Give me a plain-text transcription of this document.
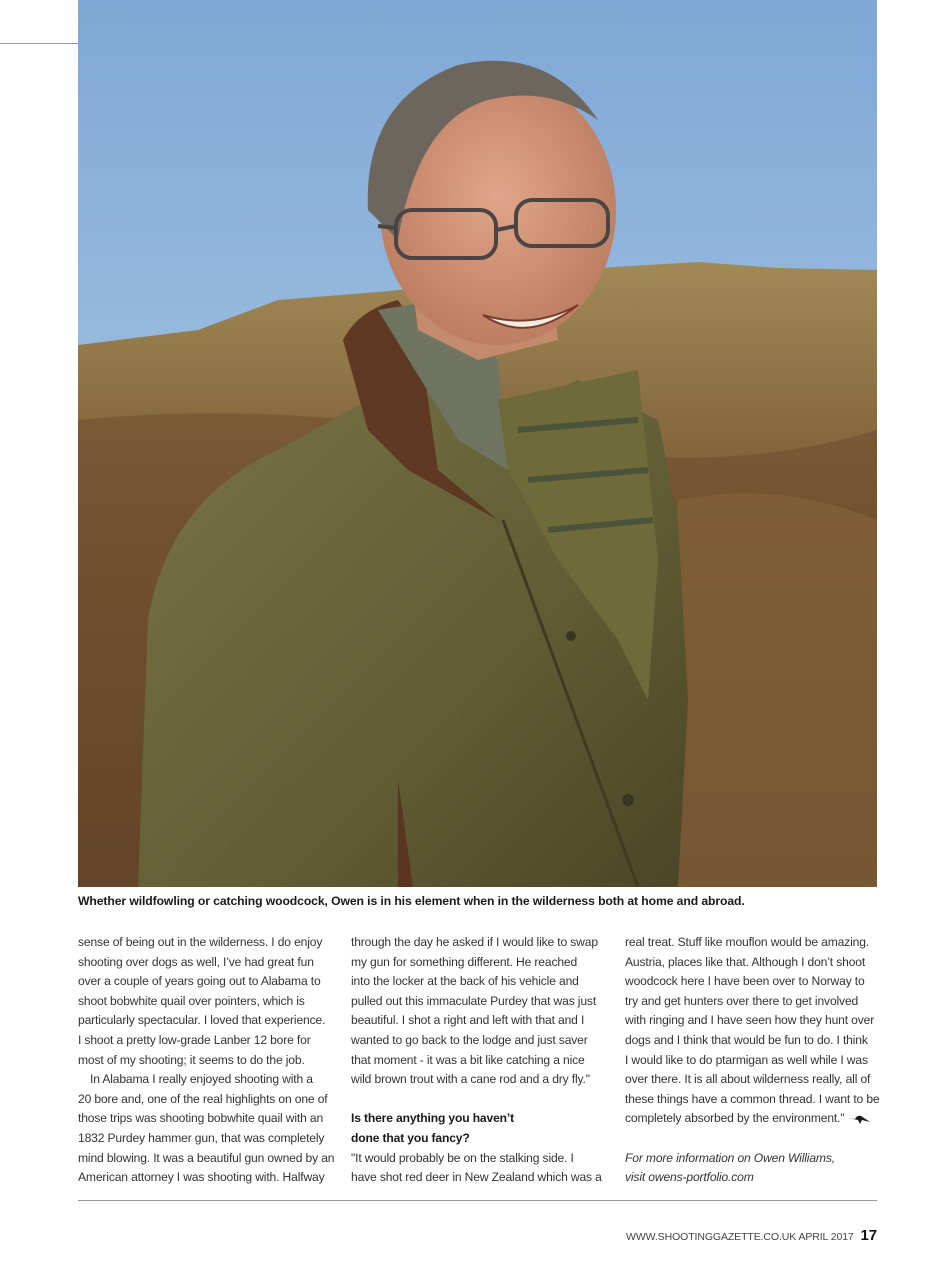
Whether wildfowling or catching woodcock, Owen is in his element when in the wilderness both at home and abroad.

sense of being out in the wilderness. I do enjoy
shooting over dogs as well, I’ve had great fun
over a couple of years going out to Alabama to
shoot bobwhite quail over pointers, which is
particularly spectacular. I loved that experience.
I shoot a pretty low-grade Lanber 12 bore for
most of my shooting; it seems to do the job.
In Alabama I really enjoyed shooting with a
20 bore and, one of the real highlights on one of
those trips was shooting bobwhite quail with an
1832 Purdey hammer gun, that was completely
mind blowing. It was a beautiful gun owned by an
American attorney I was shooting with. Halfway
through the day he asked if I would like to swap
my gun for something different. He reached
into the locker at the back of his vehicle and
pulled out this immaculate Purdey that was just
beautiful. I shot a right and left with that and I
wanted to go back to the lodge and just saver
that moment - it was a bit like catching a nice
wild brown trout with a cane rod and a dry fly."
Is there anything you haven’t
done that you fancy?
"It would probably be on the stalking side. I
have shot red deer in New Zealand which was a
real treat. Stuff like mouflon would be amazing.
Austria, places like that. Although I don’t shoot
woodcock here I have been over to Norway to
try and get hunters over there to get involved
with ringing and I have seen how they hunt over
dogs and I think that would be fun to do. I think
I would like to do ptarmigan as well while I was
over there. It is all about wilderness really, all of
these things have a common thread. I want to be
completely absorbed by the environment."
For more information on Owen Williams,
visit owens-portfolio.com
WWW.SHOOTINGGAZETTE.CO.UK APRIL 2017 17
